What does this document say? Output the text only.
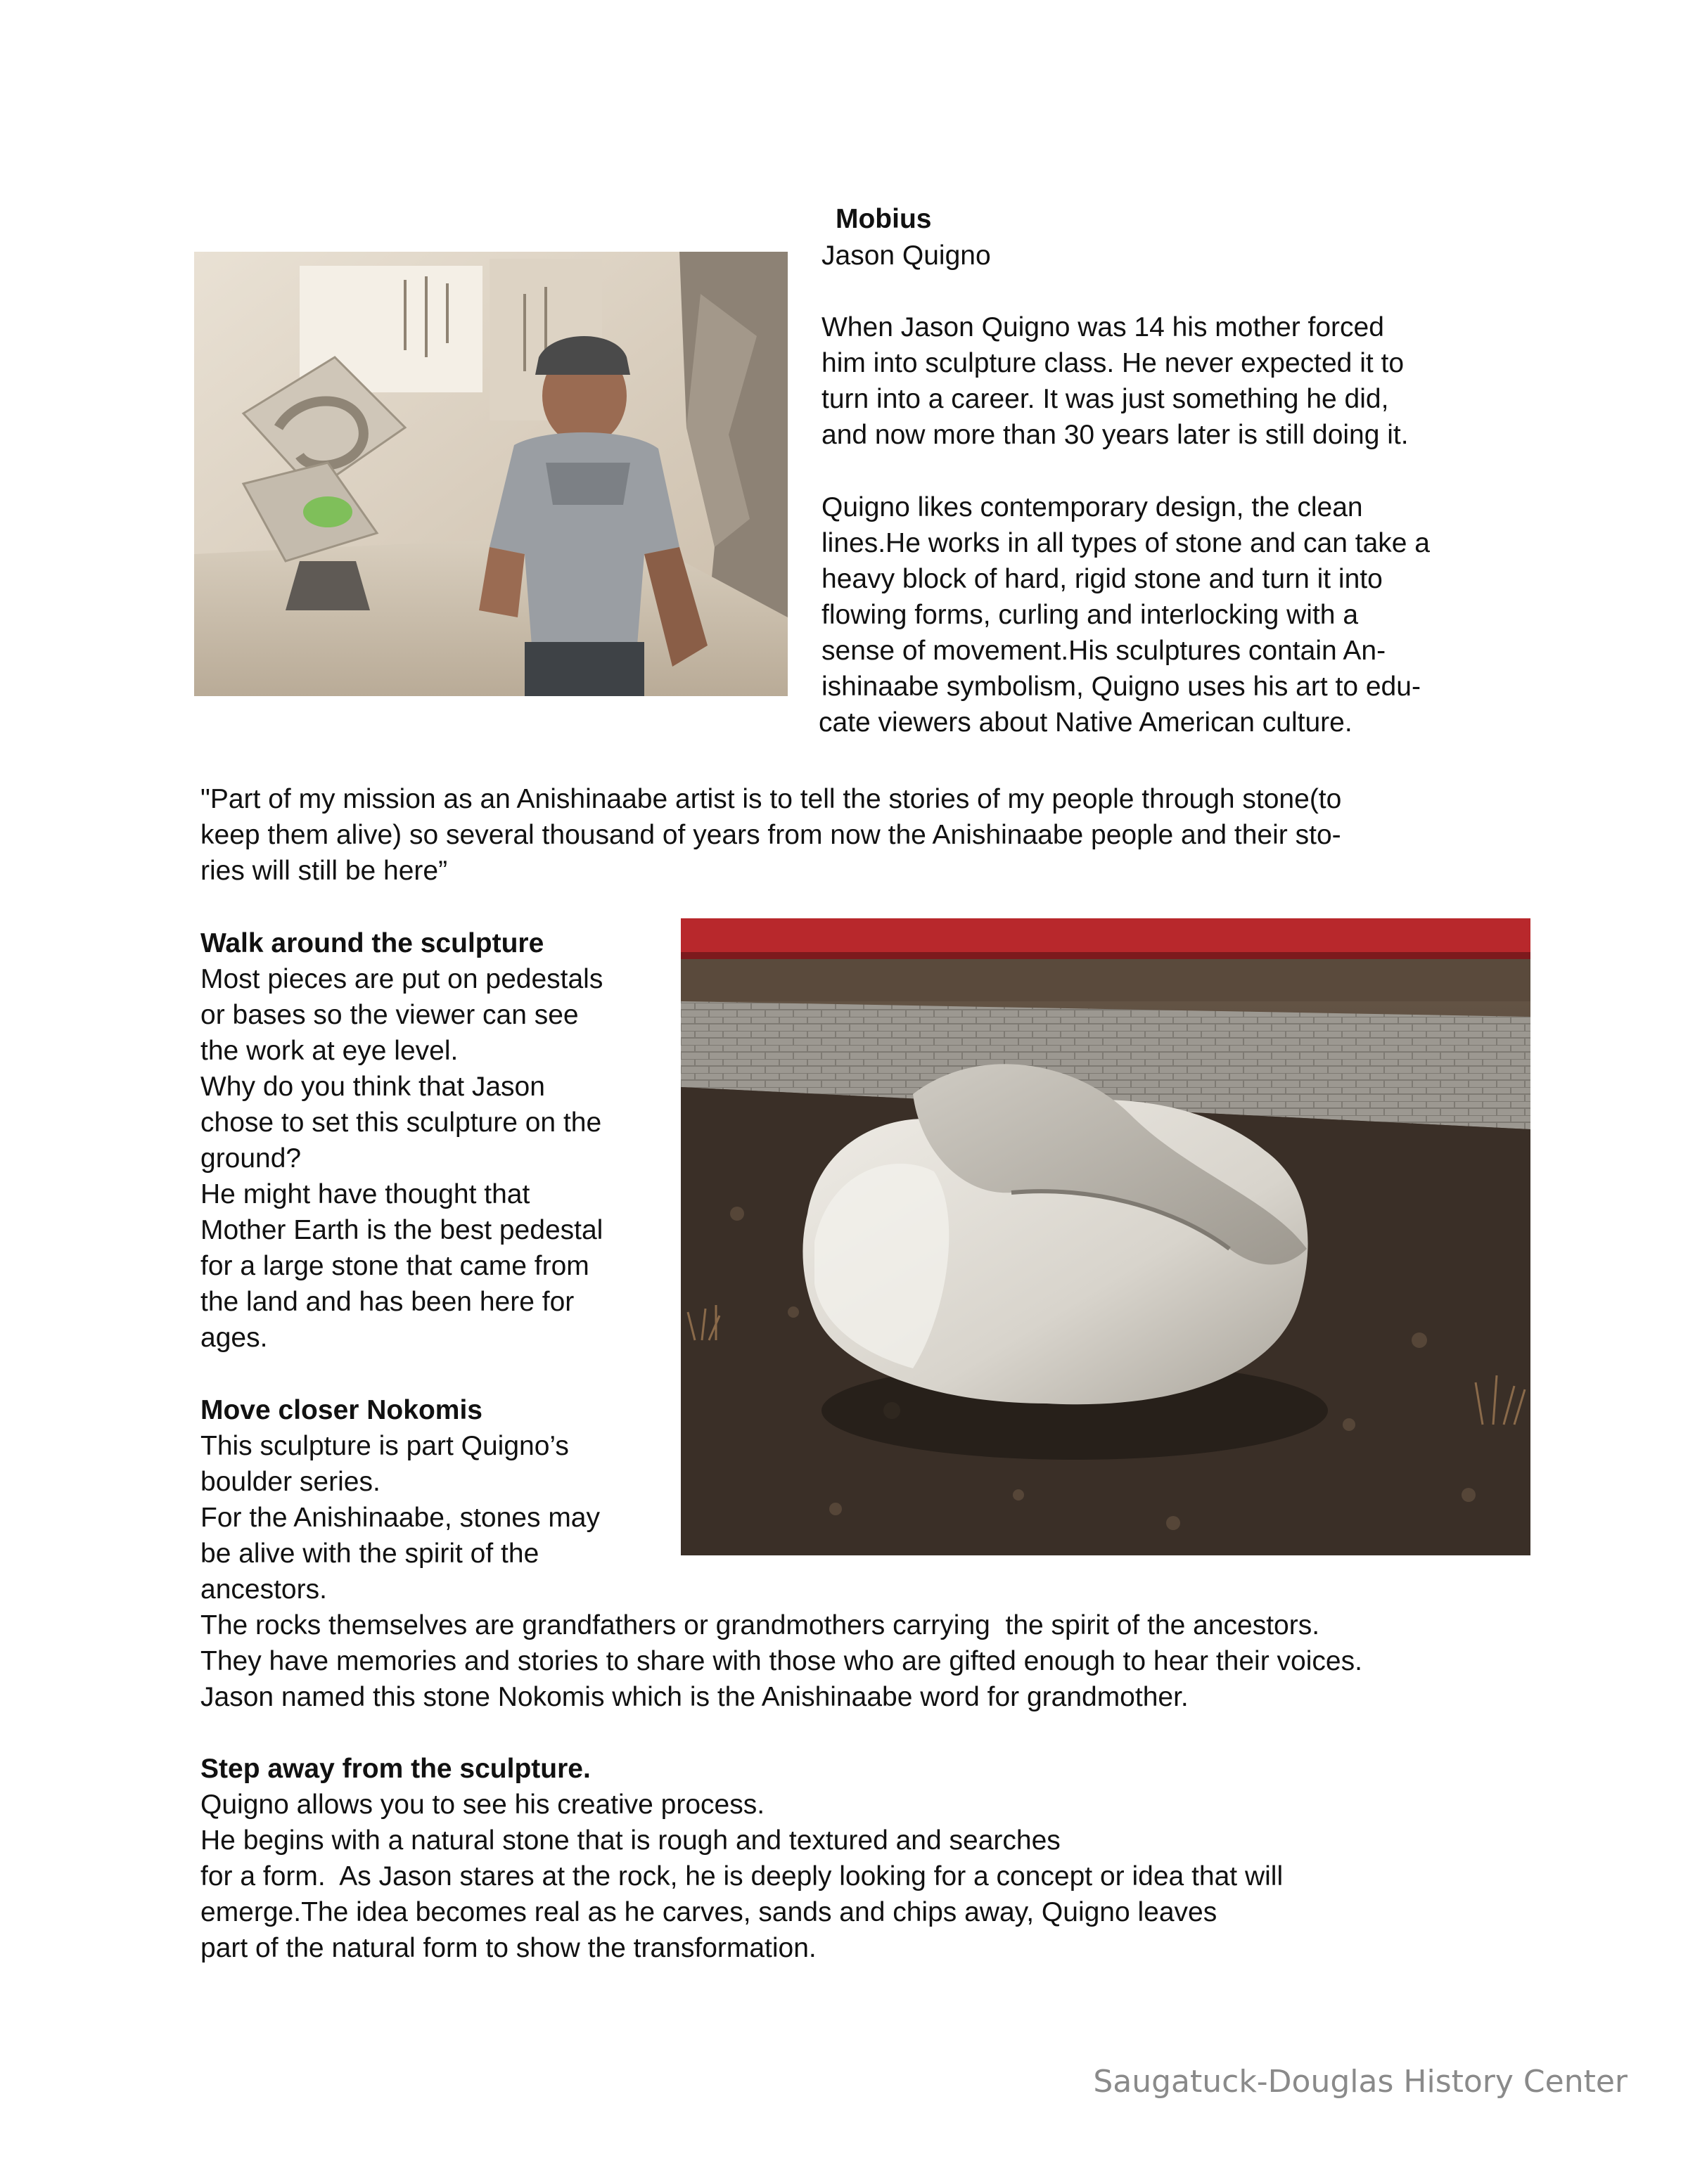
Mobius

Jason Quigno

When Jason Quigno was 14 his mother forced

him into sculpture class. He never expected it to

turn into a career. It was just something he did,

and now more than 30 years later is still doing it.

Quigno likes contemporary design, the clean

lines.He works in all types of stone and can take a

heavy block of hard, rigid stone and turn it into

flowing forms, curling and interlocking with a

sense of movement.His sculptures contain An-

ishinaabe symbolism, Quigno uses his art to edu-

cate viewers about Native American culture.

"Part of my mission as an Anishinaabe artist is to tell the stories of my people through stone(to

keep them alive) so several thousand of years from now the Anishinaabe people and their sto-

ries will still be here”

Walk around the sculpture

Most pieces are put on pedestals

or bases so the viewer can see

the work at eye level.

Why do you think that Jason

chose to set this sculpture on the

ground?

He might have thought that

Mother Earth is the best pedestal

for a large stone that came from

the land and has been here for

ages.

Move closer Nokomis

This sculpture is part Quigno’s

boulder series.

For the Anishinaabe, stones may

be alive with the spirit of the

ancestors.

The rocks themselves are grandfathers or grandmothers carrying  the spirit of the ancestors.

They have memories and stories to share with those who are gifted enough to hear their voices.

Jason named this stone Nokomis which is the Anishinaabe word for grandmother.

Step away from the sculpture.

Quigno allows you to see his creative process.

He begins with a natural stone that is rough and textured and searches

for a form.  As Jason stares at the rock, he is deeply looking for a concept or idea that will

emerge.The idea becomes real as he carves, sands and chips away, Quigno leaves

part of the natural form to show the transformation.

Saugatuck-Douglas History Center
